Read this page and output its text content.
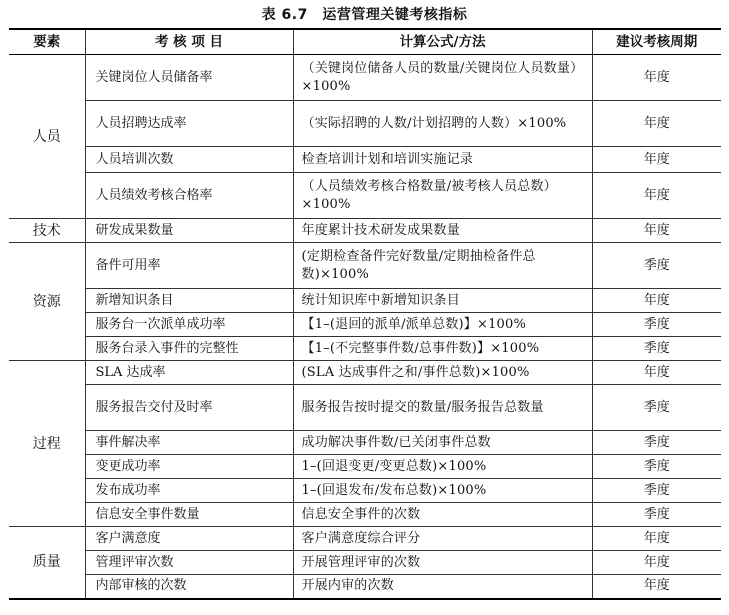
表 6.7　运营管理关键考核指标
要素	考 核 项 目	计算公式/方法	建议考核周期
人员	关键岗位人员储备率	（关键岗位储备人员的数量/关键岗位人员数量）×100%	年度
	人员招聘达成率	（实际招聘的人数/计划招聘的人数）×100%	年度
	人员培训次数	检查培训计划和培训实施记录	年度
	人员绩效考核合格率	（人员绩效考核合格数量/被考核人员总数）×100%	年度
技术	研发成果数量	年度累计技术研发成果数量	年度
资源	备件可用率	(定期检查备件完好数量/定期抽检备件总数)×100%	季度
	新增知识条目	统计知识库中新增知识条目	年度
	服务台一次派单成功率	【1–(退回的派单/派单总数)】×100%	季度
	服务台录入事件的完整性	【1–(不完整事件数/总事件数)】×100%	季度
过程	SLA 达成率	(SLA 达成事件之和/事件总数)×100%	年度
	服务报告交付及时率	服务报告按时提交的数量/服务报告总数量	季度
	事件解决率	成功解决事件数/已关闭事件总数	季度
	变更成功率	1–(回退变更/变更总数)×100%	季度
	发布成功率	1–(回退发布/发布总数)×100%	季度
	信息安全事件数量	信息安全事件的次数	季度
质量	客户满意度	客户满意度综合评分	年度
	管理评审次数	开展管理评审的次数	年度
	内部审核的次数	开展内审的次数	年度
